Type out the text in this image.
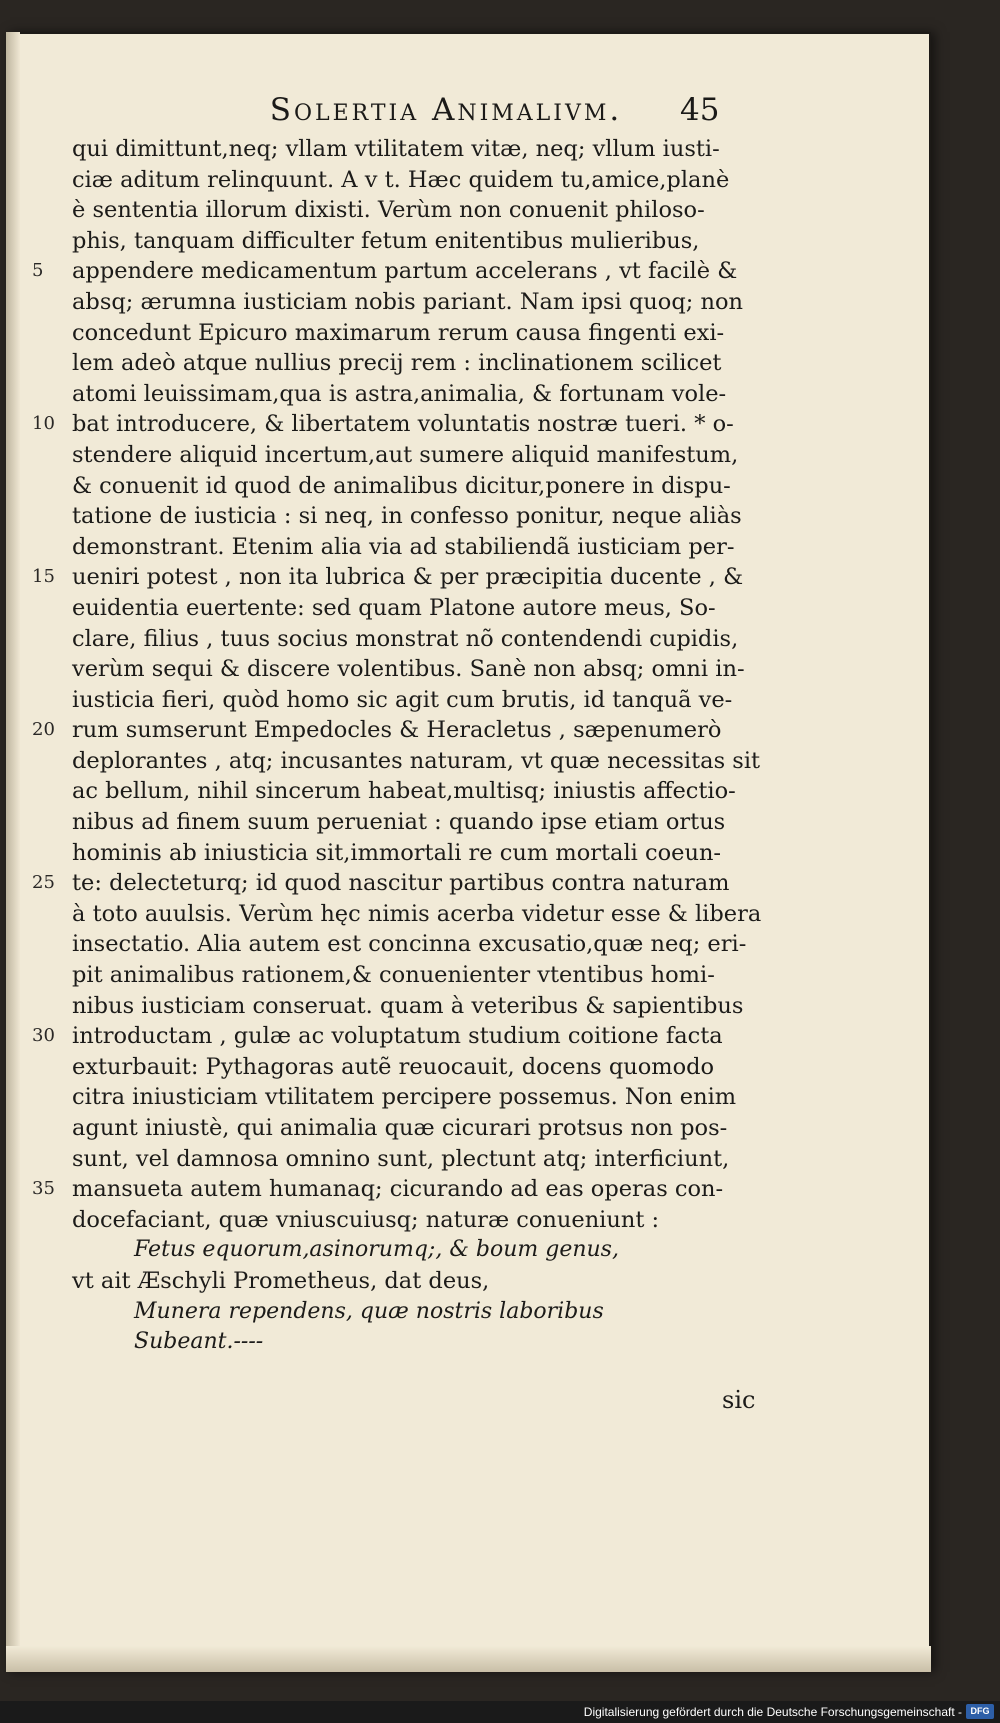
Solertia Animalivm.	45
qui dimittunt,neq; vllam vtilitatem vitæ, neq; vllum iusti-
ciæ aditum relinquunt. A v t. Hæc quidem tu,amice,planè
è sententia illorum dixisti. Verùm non conuenit philoso-
phis, tanquam difficulter fetum enitentibus mulieribus,
5 appendere medicamentum partum accelerans , vt facilè &
absq; ærumna iusticiam nobis pariant. Nam ipsi quoq; non
concedunt Epicuro maximarum rerum causa fingenti exi-
lem adeò atque nullius precij rem : inclinationem scilicet
atomi leuissimam,qua is astra,animalia, & fortunam vole-
10 bat introducere, & libertatem voluntatis nostræ tueri. * o-
stendere aliquid incertum,aut sumere aliquid manifestum,
& conuenit id quod de animalibus dicitur,ponere in dispu-
tatione de iusticia : si neq, in confesso ponitur, neque aliàs
demonstrant. Etenim alia via ad stabiliendã iusticiam per-
15 ueniri potest , non ita lubrica & per præcipitia ducente , &
euidentia euertente: sed quam Platone autore meus, So-
clare, filius , tuus socius monstrat nõ contendendi cupidis,
verùm sequi & discere volentibus. Sanè non absq; omni in-
iusticia fieri, quòd homo sic agit cum brutis, id tanquã ve-
20 rum sumserunt Empedocles & Heracletus , sæpenumerò
deplorantes , atq; incusantes naturam, vt quæ necessitas sit
ac bellum, nihil sincerum habeat,multisq; iniustis affectio-
nibus ad finem suum perueniat : quando ipse etiam ortus
hominis ab iniusticia sit,immortali re cum mortali coeun-
25 te: delecteturq; id quod nascitur partibus contra naturam
à toto auulsis. Verùm hęc nimis acerba videtur esse & libera
insectatio. Alia autem est concinna excusatio,quæ neq; eri-
pit animalibus rationem,& conuenienter vtentibus homi-
nibus iusticiam conseruat. quam à veteribus & sapientibus
30 introductam , gulæ ac voluptatum studium coitione facta
exturbauit: Pythagoras autẽ reuocauit, docens quomodo
citra iniusticiam vtilitatem percipere possemus. Non enim
agunt iniustè, qui animalia quæ cicurari protsus non pos-
sunt, vel damnosa omnino sunt, plectunt atq; interficiunt,
35 mansueta autem humanaq; cicurando ad eas operas con-
docefaciant, quæ vniuscuiusq; naturæ conueniunt :
Fetus equorum,asinorumq;, & boum genus,
vt ait Æschyli Prometheus, dat deus,
Munera rependens, quæ nostris laboribus
Subeant.----
sic
Digitalisierung gefördert durch die Deutsche Forschungsgemeinschaft - DFG
